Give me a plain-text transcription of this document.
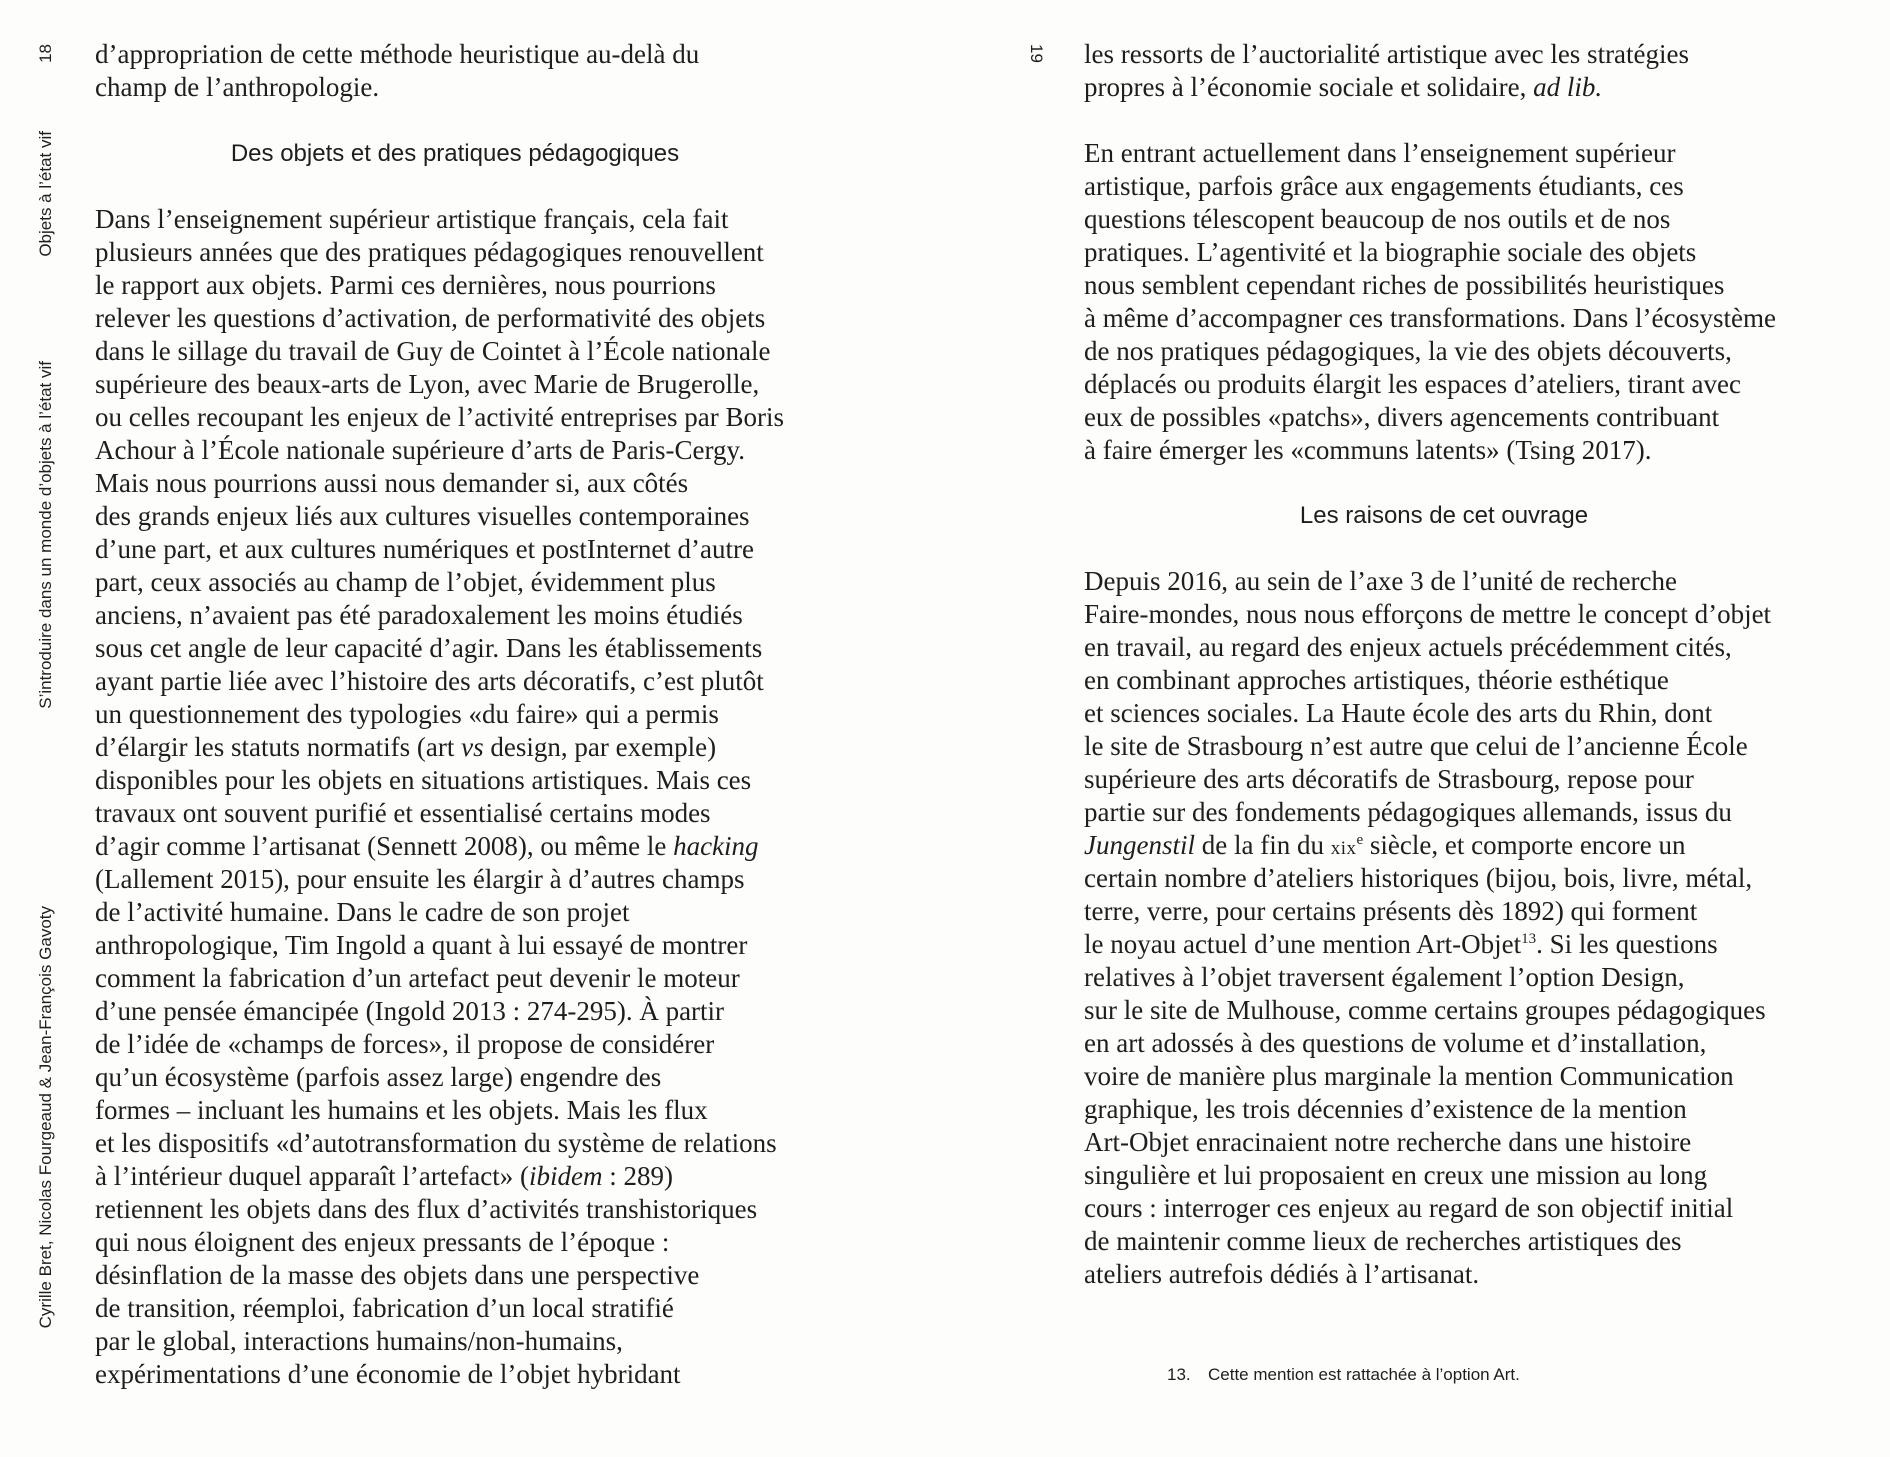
18
Objets à l’état vif
S’introduire dans un monde d’objets à l’état vif
Cyrille Bret, Nicolas Fourgeaud & Jean-François Gavoty
d’appropriation de cette méthode heuristique au-delà du
champ de l’anthropologie.
Des objets et des pratiques pédagogiques
Dans l’enseignement supérieur artistique français, cela fait
plusieurs années que des pratiques pédagogiques renouvellent
le rapport aux objets. Parmi ces dernières, nous pourrions
relever les questions d’activation, de performativité des objets
dans le sillage du travail de Guy de Cointet à l’École nationale
supérieure des beaux-arts de Lyon, avec Marie de Brugerolle,
ou celles recoupant les enjeux de l’activité entreprises par Boris
Achour à l’École nationale supérieure d’arts de Paris-Cergy.
Mais nous pourrions aussi nous demander si, aux côtés
des grands enjeux liés aux cultures visuelles contemporaines
d’une part, et aux cultures numériques et postInternet d’autre
part, ceux associés au champ de l’objet, évidemment plus
anciens, n’avaient pas été paradoxalement les moins étudiés
sous cet angle de leur capacité d’agir. Dans les établissements
ayant partie liée avec l’histoire des arts décoratifs, c’est plutôt
un questionnement des typologies «du faire» qui a permis
d’élargir les statuts normatifs (art vs design, par exemple)
disponibles pour les objets en situations artistiques. Mais ces
travaux ont souvent purifié et essentialisé certains modes
d’agir comme l’artisanat (Sennett 2008), ou même le hacking
(Lallement 2015), pour ensuite les élargir à d’autres champs
de l’activité humaine. Dans le cadre de son projet
anthropologique, Tim Ingold a quant à lui essayé de montrer
comment la fabrication d’un artefact peut devenir le moteur
d’une pensée émancipée (Ingold 2013 : 274-295). À partir
de l’idée de «champs de forces», il propose de considérer
qu’un écosystème (parfois assez large) engendre des
formes – incluant les humains et les objets. Mais les flux
et les dispositifs «d’autotransformation du système de relations
à l’intérieur duquel apparaît l’artefact» (ibidem : 289)
retiennent les objets dans des flux d’activités transhistoriques
qui nous éloignent des enjeux pressants de l’époque :
désinflation de la masse des objets dans une perspective
de transition, réemploi, fabrication d’un local stratifié
par le global, interactions humains/non-humains,
expérimentations d’une économie de l’objet hybridant
19 les ressorts de l’auctorialité artistique avec les stratégies
propres à l’économie sociale et solidaire, ad lib.
En entrant actuellement dans l’enseignement supérieur
artistique, parfois grâce aux engagements étudiants, ces
questions télescopent beaucoup de nos outils et de nos
pratiques. L’agentivité et la biographie sociale des objets
nous semblent cependant riches de possibilités heuristiques
à même d’accompagner ces transformations. Dans l’écosystème
de nos pratiques pédagogiques, la vie des objets découverts,
déplacés ou produits élargit les espaces d’ateliers, tirant avec
eux de possibles «patchs», divers agencements contribuant
à faire émerger les «communs latents» (Tsing 2017).
Les raisons de cet ouvrage
Depuis 2016, au sein de l’axe 3 de l’unité de recherche
Faire-mondes, nous nous efforçons de mettre le concept d’objet
en travail, au regard des enjeux actuels précédemment cités,
en combinant approches artistiques, théorie esthétique
et sciences sociales. La Haute école des arts du Rhin, dont
le site de Strasbourg n’est autre que celui de l’ancienne École
supérieure des arts décoratifs de Strasbourg, repose pour
partie sur des fondements pédagogiques allemands, issus du
Jungenstil de la fin du xix$^e$ siècle, et comporte encore un
certain nombre d’ateliers historiques (bijou, bois, livre, métal,
terre, verre, pour certains présents dès 1892) qui forment
le noyau actuel d’une mention Art-Objet$^{13}$. Si les questions
relatives à l’objet traversent également l’option Design,
sur le site de Mulhouse, comme certains groupes pédagogiques
en art adossés à des questions de volume et d’installation,
voire de manière plus marginale la mention Communication
graphique, les trois décennies d’existence de la mention
Art-Objet enracinaient notre recherche dans une histoire
singulière et lui proposaient en creux une mission au long
cours : interroger ces enjeux au regard de son objectif initial
de maintenir comme lieux de recherches artistiques des
ateliers autrefois dédiés à l’artisanat.
13. Cette mention est rattachée à l’option Art.
